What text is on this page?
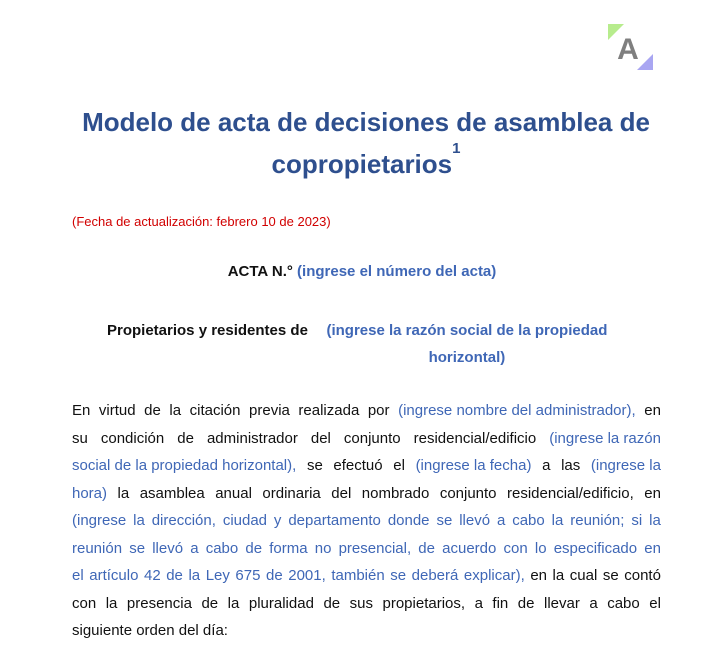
A
Modelo de acta de decisiones de asamblea de
copropietarios$^1$
(Fecha de actualización: febrero 10 de 2023)
ACTA N.° (ingrese el número del acta)
Propietarios y residentes de	(ingrese la razón social de la propiedad
horizontal)
En virtud de la citación previa realizada por (ingrese nombre del administrador), en
su condición de administrador del conjunto residencial/edificio (ingrese la razón
social de la propiedad horizontal), se efectuó el (ingrese la fecha) a las (ingrese la
hora) la asamblea anual ordinaria del nombrado conjunto residencial/edificio, en
(ingrese la dirección, ciudad y departamento donde se llevó a cabo la reunión; si la
reunión se llevó a cabo de forma no presencial, de acuerdo con lo especificado en
el artículo 42 de la Ley 675 de 2001, también se deberá explicar), en la cual se contó
con la presencia de la pluralidad de sus propietarios, a fin de llevar a cabo el
siguiente orden del día:
